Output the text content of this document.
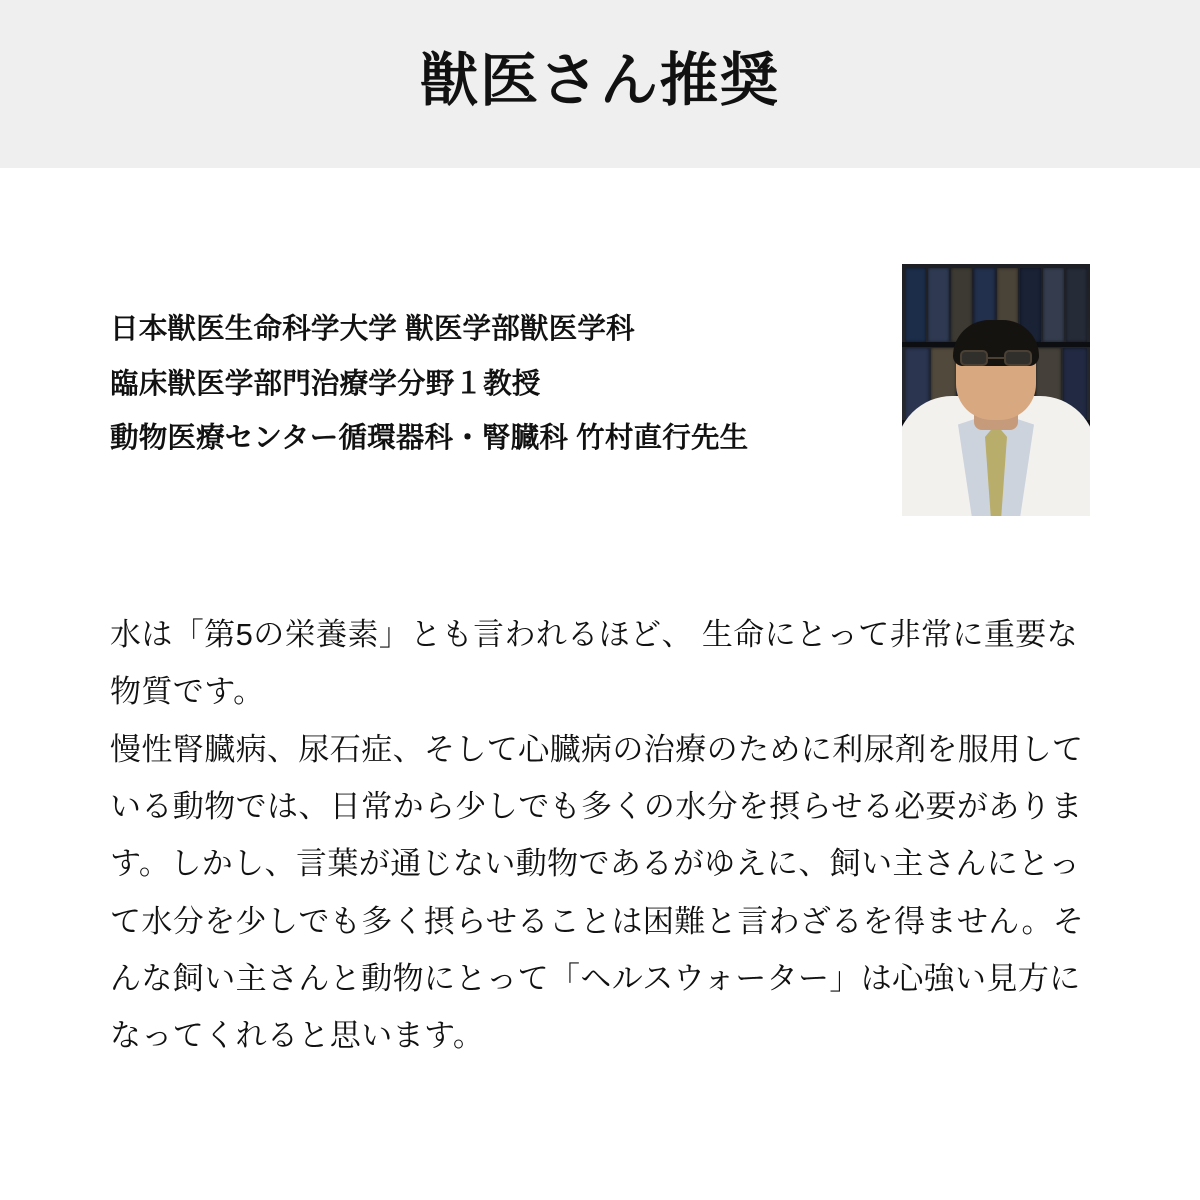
獣医さん推奨
日本獣医生命科学大学 獣医学部獣医学科
臨床獣医学部門治療学分野１教授
動物医療センター循環器科・腎臓科 竹村直行先生

水は「第5の栄養素」とも言われるほど、 生命にとって非常に重要な物質です。

慢性腎臓病、尿石症、そして心臓病の治療のために利尿剤を服用している動物では、日常から少しでも多くの水分を摂らせる必要があります。しかし、言葉が通じない動物であるがゆえに、飼い主さんにとって水分を少しでも多く摂らせることは困難と言わざるを得ません。そんな飼い主さんと動物にとって「ヘルスウォーター」は心強い見方になってくれると思います。
